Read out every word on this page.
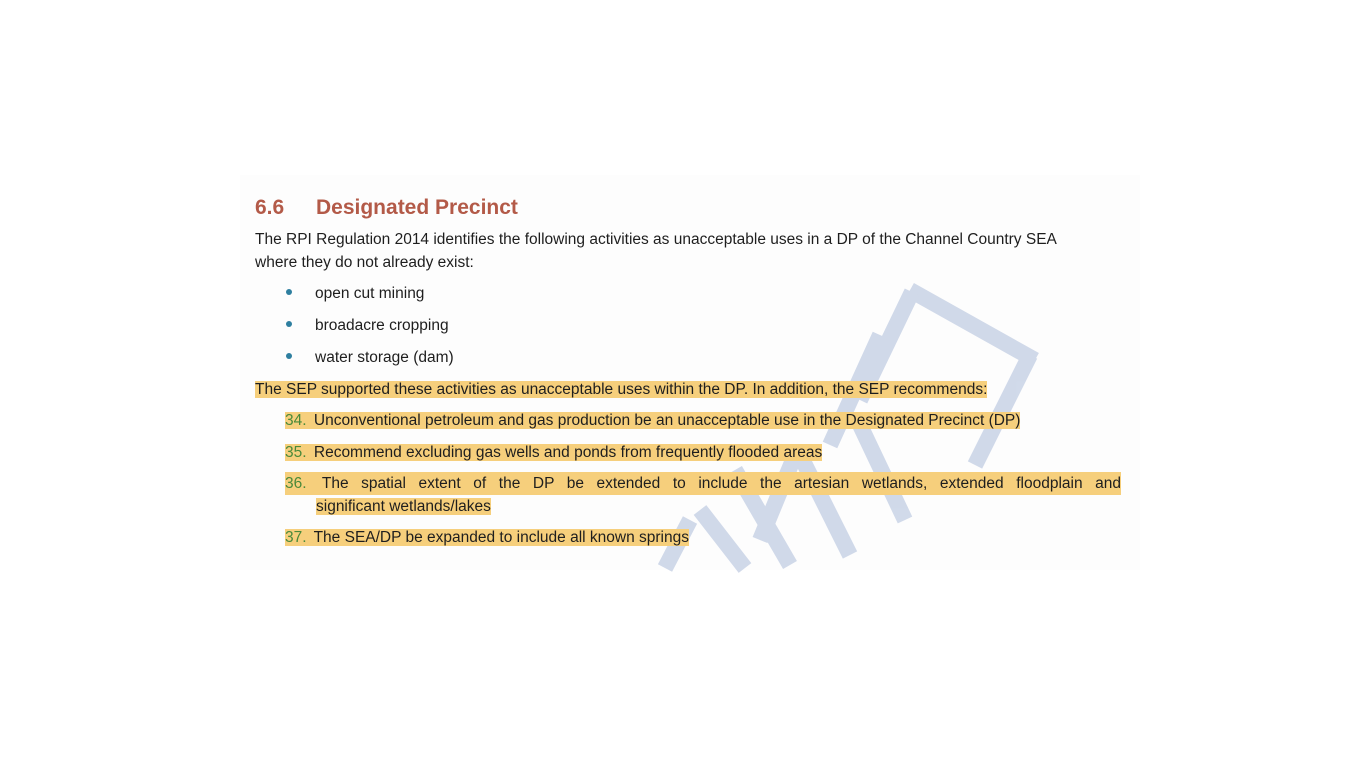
6.6 Designated Precinct
The RPI Regulation 2014 identifies the following activities as unacceptable uses in a DP of the Channel Country SEA
where they do not already exist:
open cut mining
broadacre cropping
water storage (dam)
The SEP supported these activities as unacceptable uses within the DP. In addition, the SEP recommends:
34. Unconventional petroleum and gas production be an unacceptable use in the Designated Precinct (DP)
35. Recommend excluding gas wells and ponds from frequently flooded areas
36. The spatial extent of the DP be extended to include the artesian wetlands, extended floodplain and
significant wetlands/lakes
37. The SEA/DP be expanded to include all known springs
